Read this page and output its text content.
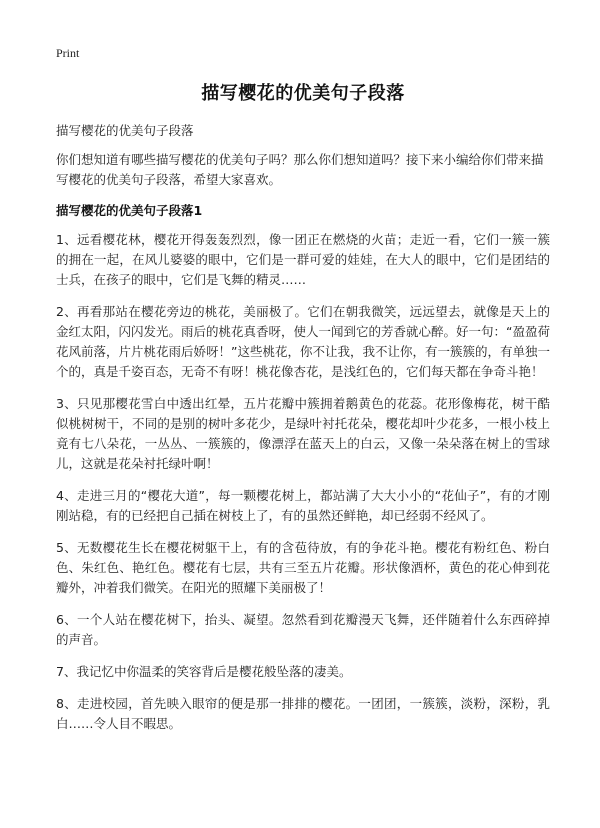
Print
描写樱花的优美句子段落
描写樱花的优美句子段落
你们想知道有哪些描写樱花的优美句子吗？那么你们想知道吗？接下来小编给你们带来描写樱花的优美句子段落，希望大家喜欢。
描写樱花的优美句子段落1

1、远看樱花林，樱花开得轰轰烈烈，像一团正在燃烧的火苗；走近一看，它们一簇一簇的拥在一起，在风儿婆婆的眼中，它们是一群可爱的娃娃，在大人的眼中，它们是团结的士兵，在孩子的眼中，它们是飞舞的精灵……

2、再看那站在樱花旁边的桃花，美丽极了。它们在朝我微笑，远远望去，就像是天上的金红太阳，闪闪发光。雨后的桃花真香呀，使人一闻到它的芳香就心醉。好一句：“盈盈荷花风前落，片片桃花雨后娇呀！”这些桃花，你不让我，我不让你，有一簇簇的，有单独一个的，真是千姿百态，无奇不有呀！桃花像杏花，是浅红色的，它们每天都在争奇斗艳！

3、只见那樱花雪白中透出红晕，五片花瓣中簇拥着鹅黄色的花蕊。花形像梅花，树干酷似桃树树干，不同的是别的树叶多花少，是绿叶衬托花朵，樱花却叶少花多，一根小枝上竟有七八朵花，一丛丛、一簇簇的，像漂浮在蓝天上的白云，又像一朵朵落在树上的雪球儿，这就是花朵衬托绿叶啊！

4、走进三月的“樱花大道”，每一颗樱花树上，都站满了大大小小的“花仙子”，有的才刚刚站稳，有的已经把自己插在树枝上了，有的虽然还鲜艳，却已经弱不经风了。

5、无数樱花生长在樱花树躯干上，有的含苞待放，有的争花斗艳。樱花有粉红色、粉白色、朱红色、艳红色。樱花有七层，共有三至五片花瓣。形状像酒杯，黄色的花心伸到花瓣外，冲着我们微笑。在阳光的照耀下美丽极了！

6、一个人站在樱花树下，抬头、凝望。忽然看到花瓣漫天飞舞，还伴随着什么东西碎掉的声音。

7、我记忆中你温柔的笑容背后是樱花般坠落的凄美。

8、走进校园，首先映入眼帘的便是那一排排的樱花。一团团，一簇簇，淡粉，深粉，乳白……令人目不暇思。
